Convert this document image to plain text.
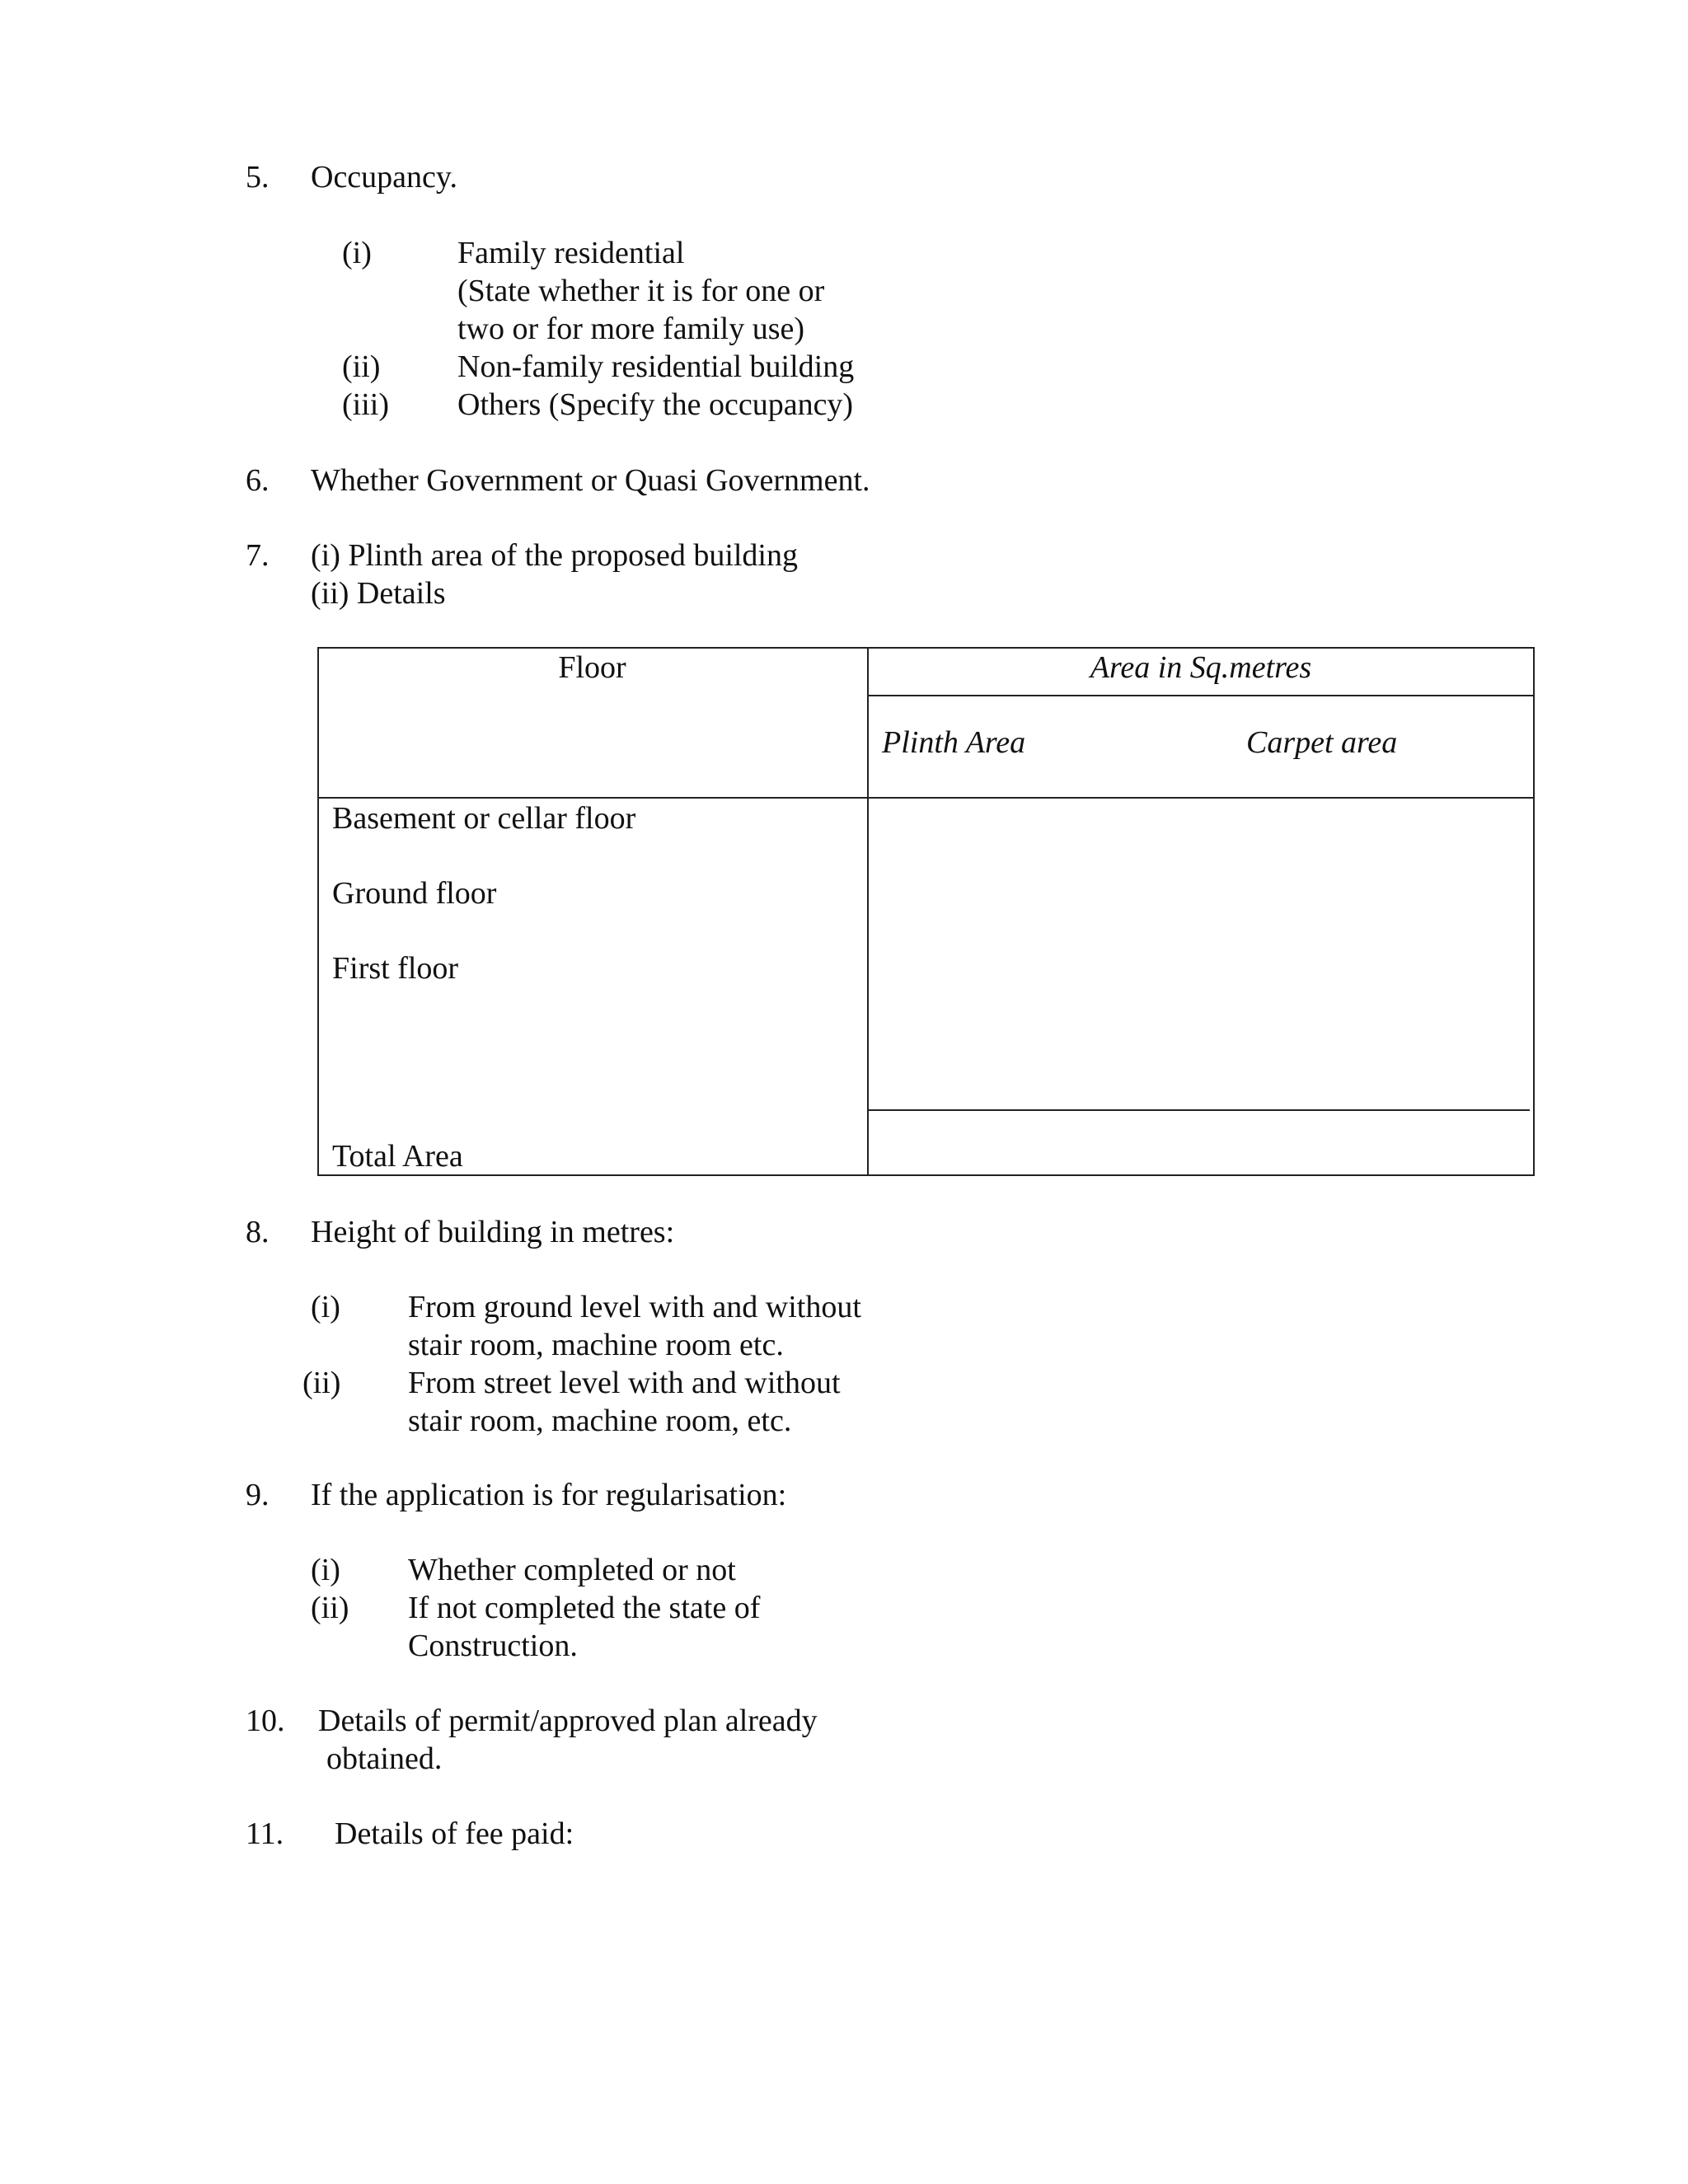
5. Occupancy.
(i)	Family residential
(State whether it is for one or
two or for more family use)
(ii) Non-family residential building
(iii) Others (Specify the occupancy)
6. Whether Government or Quasi Government.
7. (i) Plinth area of the proposed building
(ii) Details
Floor	Area in Sq.metres
Plinth Area	Carpet area
Basement or cellar floor
Ground floor
First floor
Total Area
8. Height of building in metres:
(i) From ground level with and without
stair room, machine room etc.
(ii) From street level with and without
stair room, machine room, etc.
9. If the application is for regularisation:
(i) Whether completed or not
(ii) If not completed the state of
Construction.
10. Details of permit/approved plan already
obtained.
11. Details of fee paid:
